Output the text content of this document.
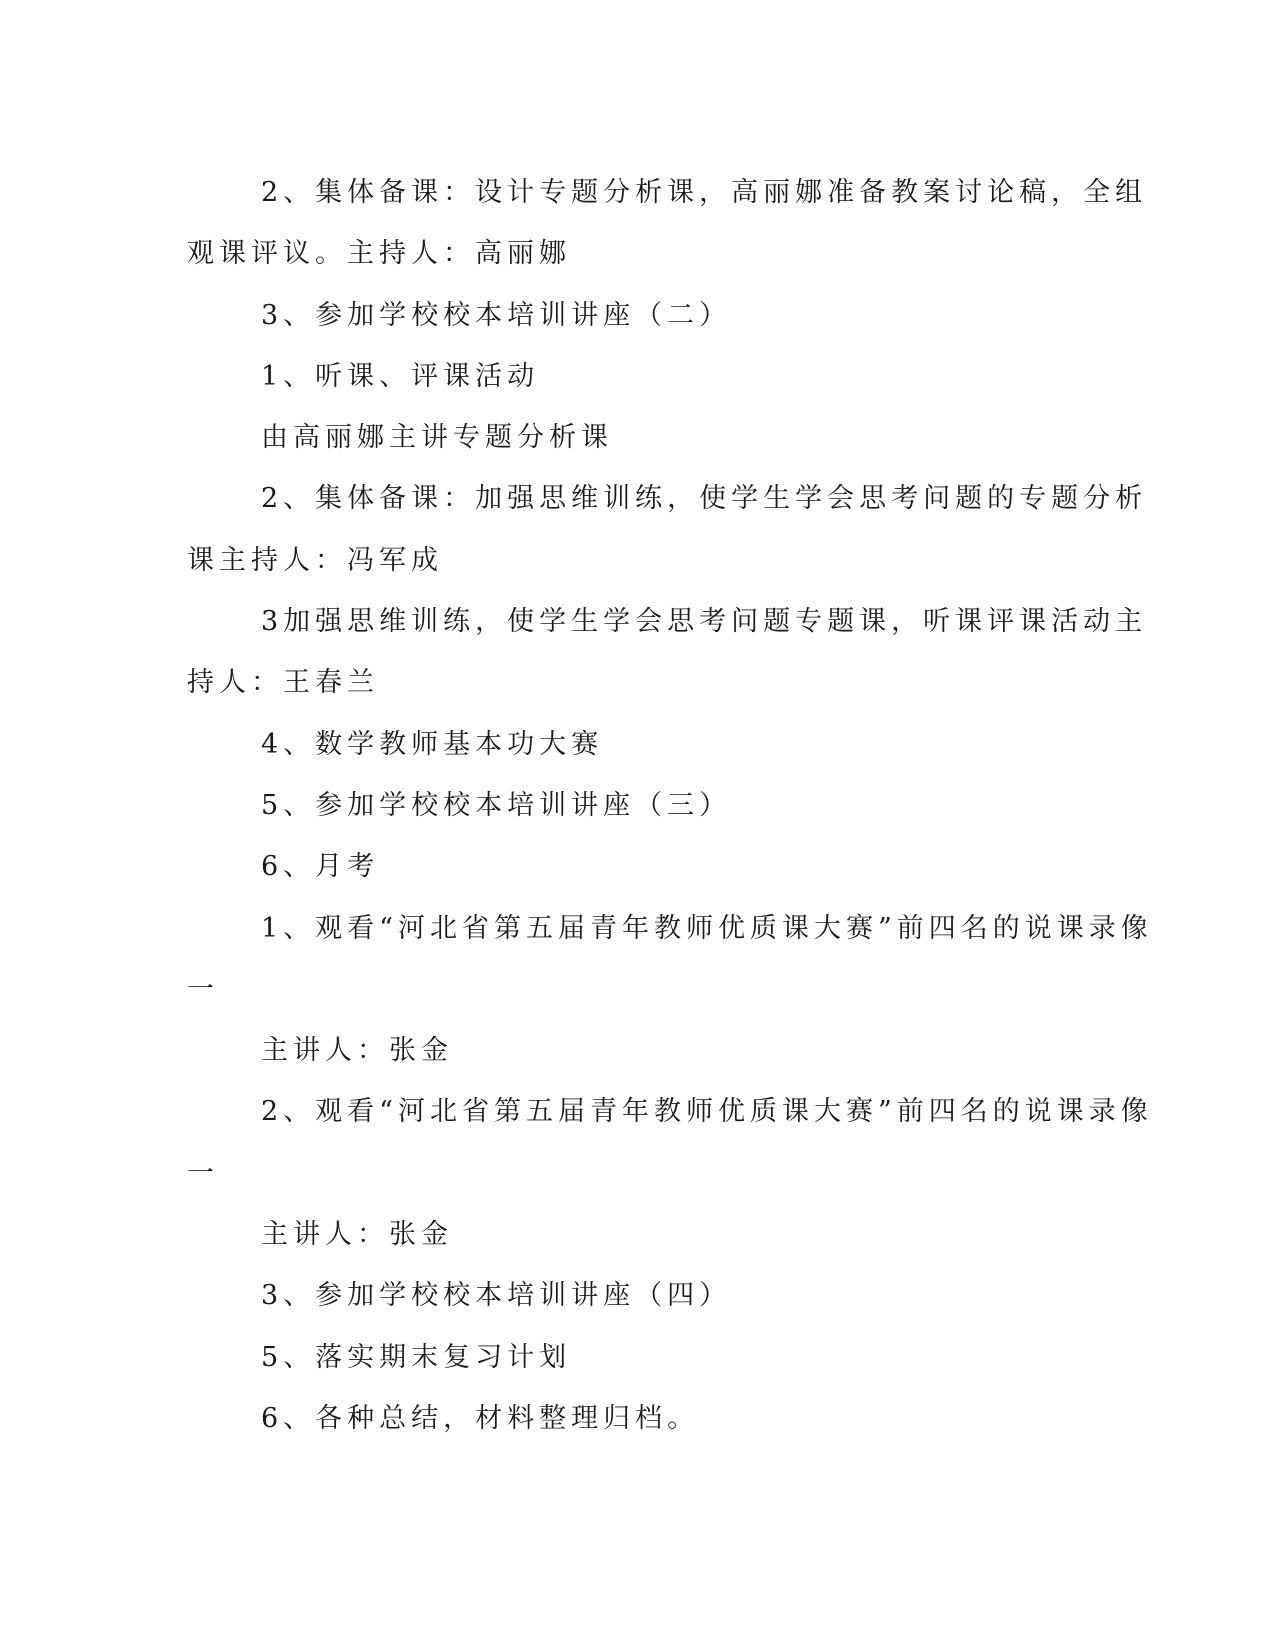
2、集体备课：设计专题分析课，高丽娜准备教案讨论稿，全组

观课评议。主持人：高丽娜

3、参加学校校本培训讲座（二）

1、听课、评课活动

由高丽娜主讲专题分析课

2、集体备课：加强思维训练，使学生学会思考问题的专题分析

课主持人：冯军成

3加强思维训练，使学生学会思考问题专题课，听课评课活动主

持人：王春兰

4、数学教师基本功大赛

5、参加学校校本培训讲座（三）

6、月考

1、观看“河北省第五届青年教师优质课大赛”前四名的说课录像

一

主讲人：张金

2、观看“河北省第五届青年教师优质课大赛”前四名的说课录像

一

主讲人：张金

3、参加学校校本培训讲座（四）

5、落实期末复习计划

6、各种总结，材料整理归档。
